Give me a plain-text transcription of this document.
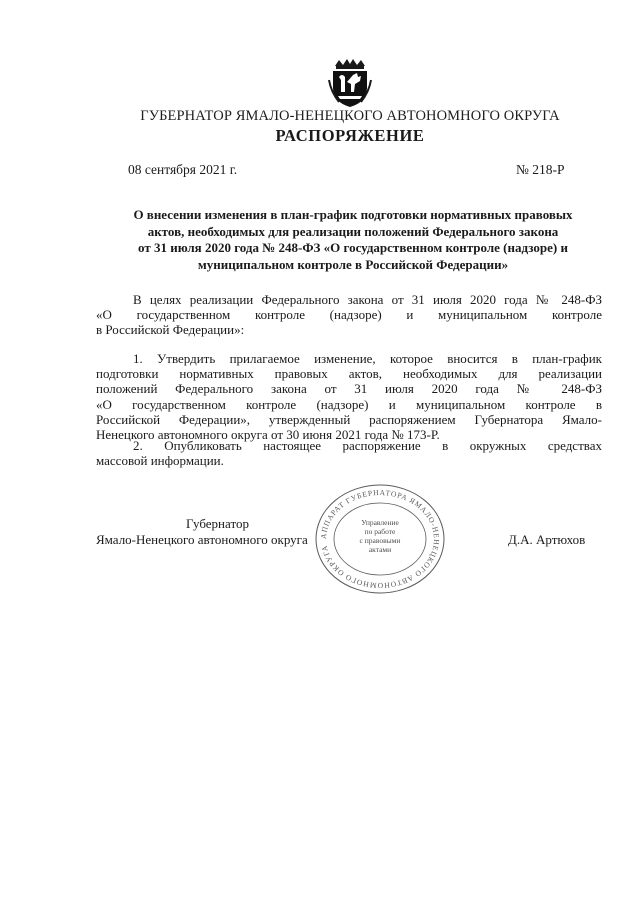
ГУБЕРНАТОР ЯМАЛО-НЕНЕЦКОГО АВТОНОМНОГО ОКРУГА
РАСПОРЯЖЕНИЕ
08 сентября 2021 г.	№ 218-Р
О внесении изменения в план-график подготовки нормативных правовых
актов, необходимых для реализации положений Федерального закона
от 31 июля 2020 года № 248-ФЗ «О государственном контроле (надзоре) и
муниципальном контроле в Российской Федерации»
В целях реализации Федерального закона от 31 июля 2020 года № 248-ФЗ
«О государственном контроле (надзоре) и муниципальном контроле
в Российской Федерации»:
1. Утвердить прилагаемое изменение, которое вносится в план-график
подготовки нормативных правовых актов, необходимых для реализации
положений Федерального закона от 31 июля 2020 года № 248-ФЗ
«О государственном контроле (надзоре) и муниципальном контроле в
Российской Федерации», утвержденный распоряжением Губернатора Ямало-
Ненецкого автономного округа от 30 июня 2021 года № 173-Р.
2. Опубликовать настоящее распоряжение в окружных средствах
массовой информации.
АППАРАТ ГУБЕРНАТОРА ЯМАЛО-НЕНЕЦКОГО АВТОНОМНОГО ОКРУГА
Управление
по работе
с правовыми
актами
Губернатор
Ямало-Ненецкого автономного округа	Д.А. Артюхов
